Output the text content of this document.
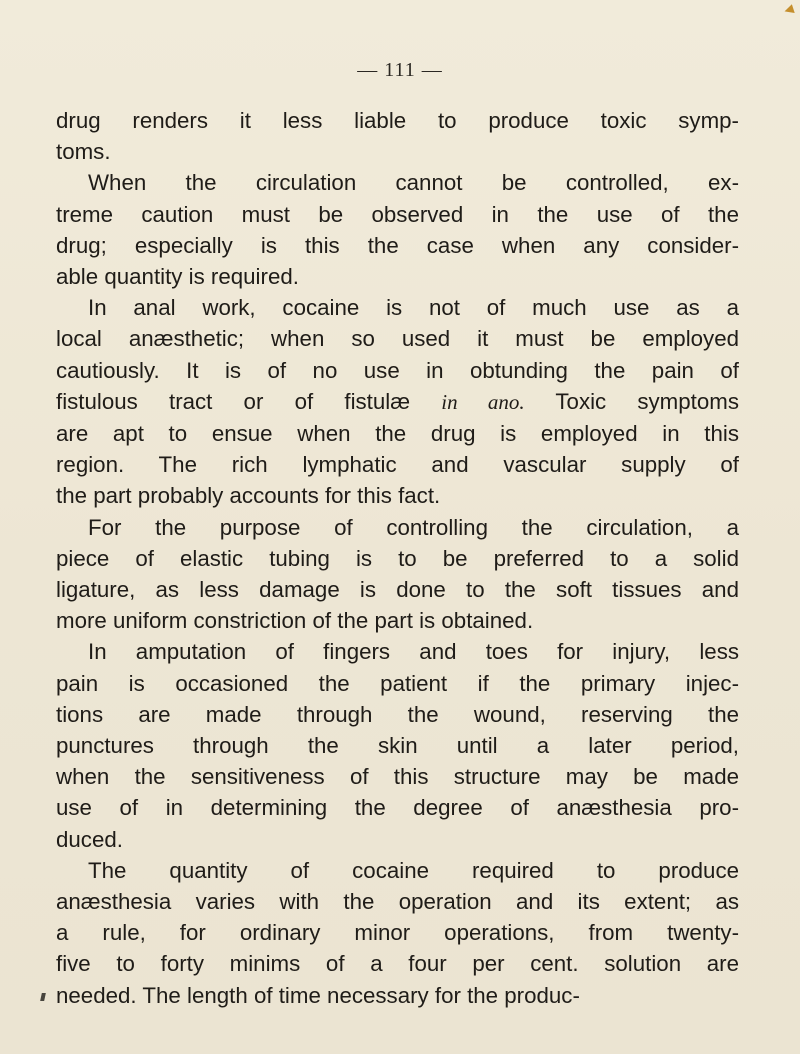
◀
— 111 —
drug renders it less liable to produce toxic symp-
toms.
When the circulation cannot be controlled, ex-
treme caution must be observed in the use of the
drug; especially is this the case when any consider-
able quantity is required.
In anal work, cocaine is not of much use as a
local anæsthetic; when so used it must be employed
cautiously. It is of no use in obtunding the pain of
fistulous tract or of fistulæ in ano. Toxic symptoms
are apt to ensue when the drug is employed in this
region. The rich lymphatic and vascular supply of
the part probably accounts for this fact.
For the purpose of controlling the circulation, a
piece of elastic tubing is to be preferred to a solid
ligature, as less damage is done to the soft tissues and
more uniform constriction of the part is obtained.
In amputation of fingers and toes for injury, less
pain is occasioned the patient if the primary injec-
tions are made through the wound, reserving the
punctures through the skin until a later period,
when the sensitiveness of this structure may be made
use of in determining the degree of anæsthesia pro-
duced.
The quantity of cocaine required to produce
anæsthesia varies with the operation and its extent; as
a rule, for ordinary minor operations, from twenty-
five to forty minims of a four per cent. solution are
needed. The length of time necessary for the produc-
